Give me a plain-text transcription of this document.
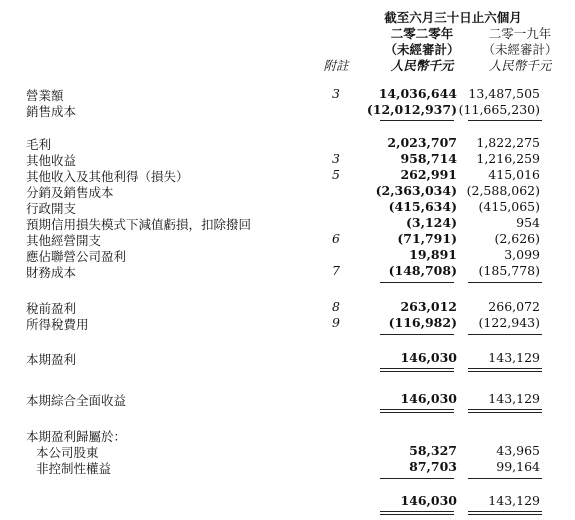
截至六月三十日止六個月
二零二零年	二零一九年
（未經審計）	（未經審計）
附註	人民幣千元	人民幣千元
營業額	3	14,036,644 13,487,505
銷售成本	(12,012,937) (11,665,230)
毛利	2,023,707 1,822,275
其他收益	3	958,714 1,216,259
其他收入及其他利得（損失）	5	262,991	415,016
分銷及銷售成本	(2,363,034) (2,588,062)
行政開支	(415,634) (415,065)
預期信用損失模式下減值虧損，扣除撥回	(3,124)	954
其他經營開支	6	(71,791)	(2,626)
應佔聯營公司盈利	19,891	3,099
財務成本	7	(148,708) (185,778)
稅前盈利	8	263,012	266,072
所得稅費用	9	(116,982) (122,943)
本期盈利	146,030	143,129
本期綜合全面收益	146,030	143,129
本期盈利歸屬於：
本公司股東	58,327	43,965
非控制性權益	87,703	99,164
146,030	143,129
